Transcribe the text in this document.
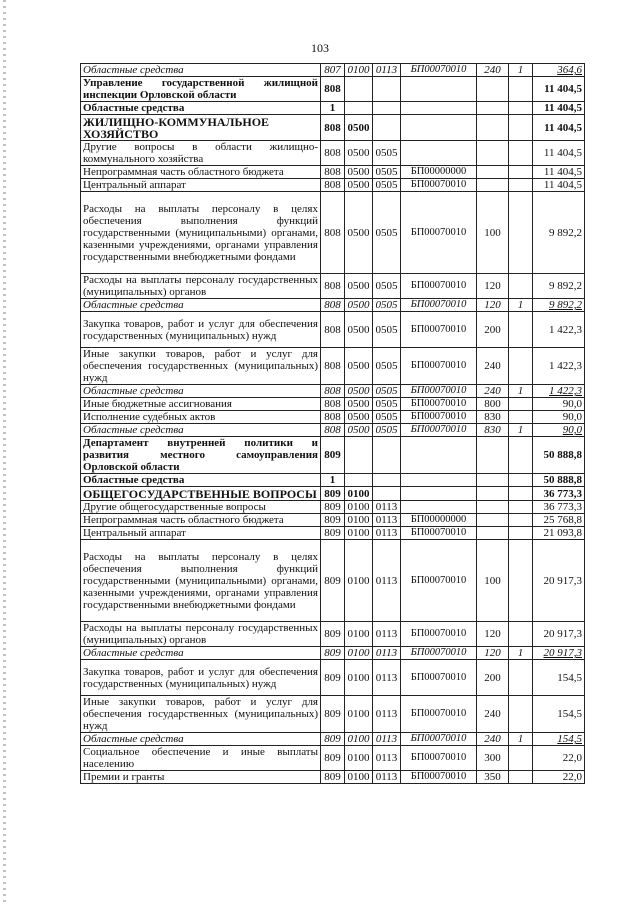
103
Областные средства	807	0100	0113	БП00070010	240	1	364,6
Управление государственной жилищной инспекции Орловской области	808						11 404,5
Областные средства	1						11 404,5
ЖИЛИЩНО-КОММУНАЛЬНОЕ ХОЗЯЙСТВО	808	0500					11 404,5
Другие вопросы в области жилищно-коммунального хозяйства	808	0500	0505				11 404,5
Непрограммная часть областного бюджета	808	0500	0505	БП00000000			11 404,5
Центральный аппарат	808	0500	0505	БП00070010			11 404,5
Расходы на выплаты персоналу в целях обеспечения выполнения функций государственными (муниципальными) органами, казенными учреждениями, органами управления государственными внебюджетными фондами	808	0500	0505	БП00070010	100		9 892,2
Расходы на выплаты персоналу государственных (муниципальных) органов	808	0500	0505	БП00070010	120		9 892,2
Областные средства	808	0500	0505	БП00070010	120	1	9 892,2
Закупка товаров, работ и услуг для обеспечения государственных (муниципальных) нужд	808	0500	0505	БП00070010	200		1 422,3
Иные закупки товаров, работ и услуг для обеспечения государственных (муниципальных) нужд	808	0500	0505	БП00070010	240		1 422,3
Областные средства	808	0500	0505	БП00070010	240	1	1 422,3
Иные бюджетные ассигнования	808	0500	0505	БП00070010	800		90,0
Исполнение судебных актов	808	0500	0505	БП00070010	830		90,0
Областные средства	808	0500	0505	БП00070010	830	1	90,0
Департамент внутренней политики и развития местного самоуправления Орловской области	809						50 888,8
Областные средства	1						50 888,8
ОБЩЕГОСУДАРСТВЕННЫЕ ВОПРОСЫ	809	0100					36 773,3
Другие общегосударственные вопросы	809	0100	0113				36 773,3
Непрограммная часть областного бюджета	809	0100	0113	БП00000000			25 768,8
Центральный аппарат	809	0100	0113	БП00070010			21 093,8
Расходы на выплаты персоналу в целях обеспечения выполнения функций государственными (муниципальными) органами, казенными учреждениями, органами управления государственными внебюджетными фондами	809	0100	0113	БП00070010	100		20 917,3
Расходы на выплаты персоналу государственных (муниципальных) органов	809	0100	0113	БП00070010	120		20 917,3
Областные средства	809	0100	0113	БП00070010	120	1	20 917,3
Закупка товаров, работ и услуг для обеспечения государственных (муниципальных) нужд	809	0100	0113	БП00070010	200		154,5
Иные закупки товаров, работ и услуг для обеспечения государственных (муниципальных) нужд	809	0100	0113	БП00070010	240		154,5
Областные средства	809	0100	0113	БП00070010	240	1	154,5
Социальное обеспечение и иные выплаты населению	809	0100	0113	БП00070010	300		22,0
Премии и гранты	809	0100	0113	БП00070010	350		22,0
